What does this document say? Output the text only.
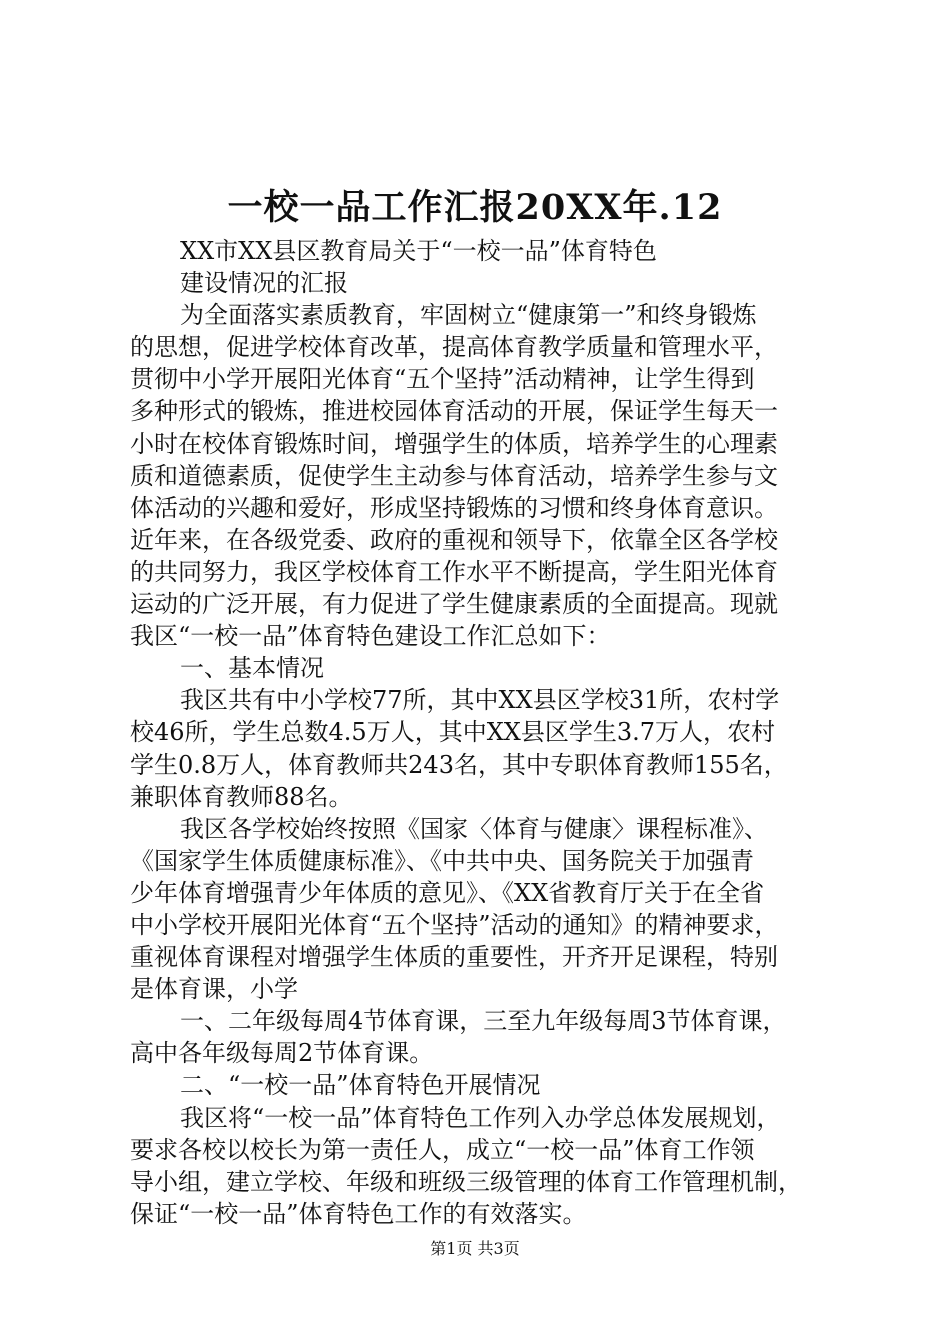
一校一品工作汇报20XX年.12
XX市XX县区教育局关于“一校一品”体育特色
建设情况的汇报
为全面落实素质教育，牢固树立“健康第一”和终身锻炼
的思想，促进学校体育改革，提高体育教学质量和管理水平，
贯彻中小学开展阳光体育“五个坚持”活动精神，让学生得到
多种形式的锻炼，推进校园体育活动的开展，保证学生每天一
小时在校体育锻炼时间，增强学生的体质，培养学生的心理素
质和道德素质，促使学生主动参与体育活动，培养学生参与文
体活动的兴趣和爱好，形成坚持锻炼的习惯和终身体育意识。
近年来，在各级党委、政府的重视和领导下，依靠全区各学校
的共同努力，我区学校体育工作水平不断提高，学生阳光体育
运动的广泛开展，有力促进了学生健康素质的全面提高。现就
我区“一校一品”体育特色建设工作汇总如下：
一、基本情况
我区共有中小学校77所，其中XX县区学校31所，农村学
校46所，学生总数4.5万人，其中XX县区学生3.7万人，农村
学生0.8万人，体育教师共243名，其中专职体育教师155名，
兼职体育教师88名。
我区各学校始终按照《国家〈体育与健康〉课程标准》、
《国家学生体质健康标准》、《中共中央、国务院关于加强青
少年体育增强青少年体质的意见》、《XX省教育厅关于在全省
中小学校开展阳光体育“五个坚持”活动的通知》的精神要求，
重视体育课程对增强学生体质的重要性，开齐开足课程，特别
是体育课，小学
一、二年级每周4节体育课，三至九年级每周3节体育课，
高中各年级每周2节体育课。
二、“一校一品”体育特色开展情况
我区将“一校一品”体育特色工作列入办学总体发展规划，
要求各校以校长为第一责任人，成立“一校一品”体育工作领
导小组，建立学校、年级和班级三级管理的体育工作管理机制，
保证“一校一品”体育特色工作的有效落实。
第1页 共3页
